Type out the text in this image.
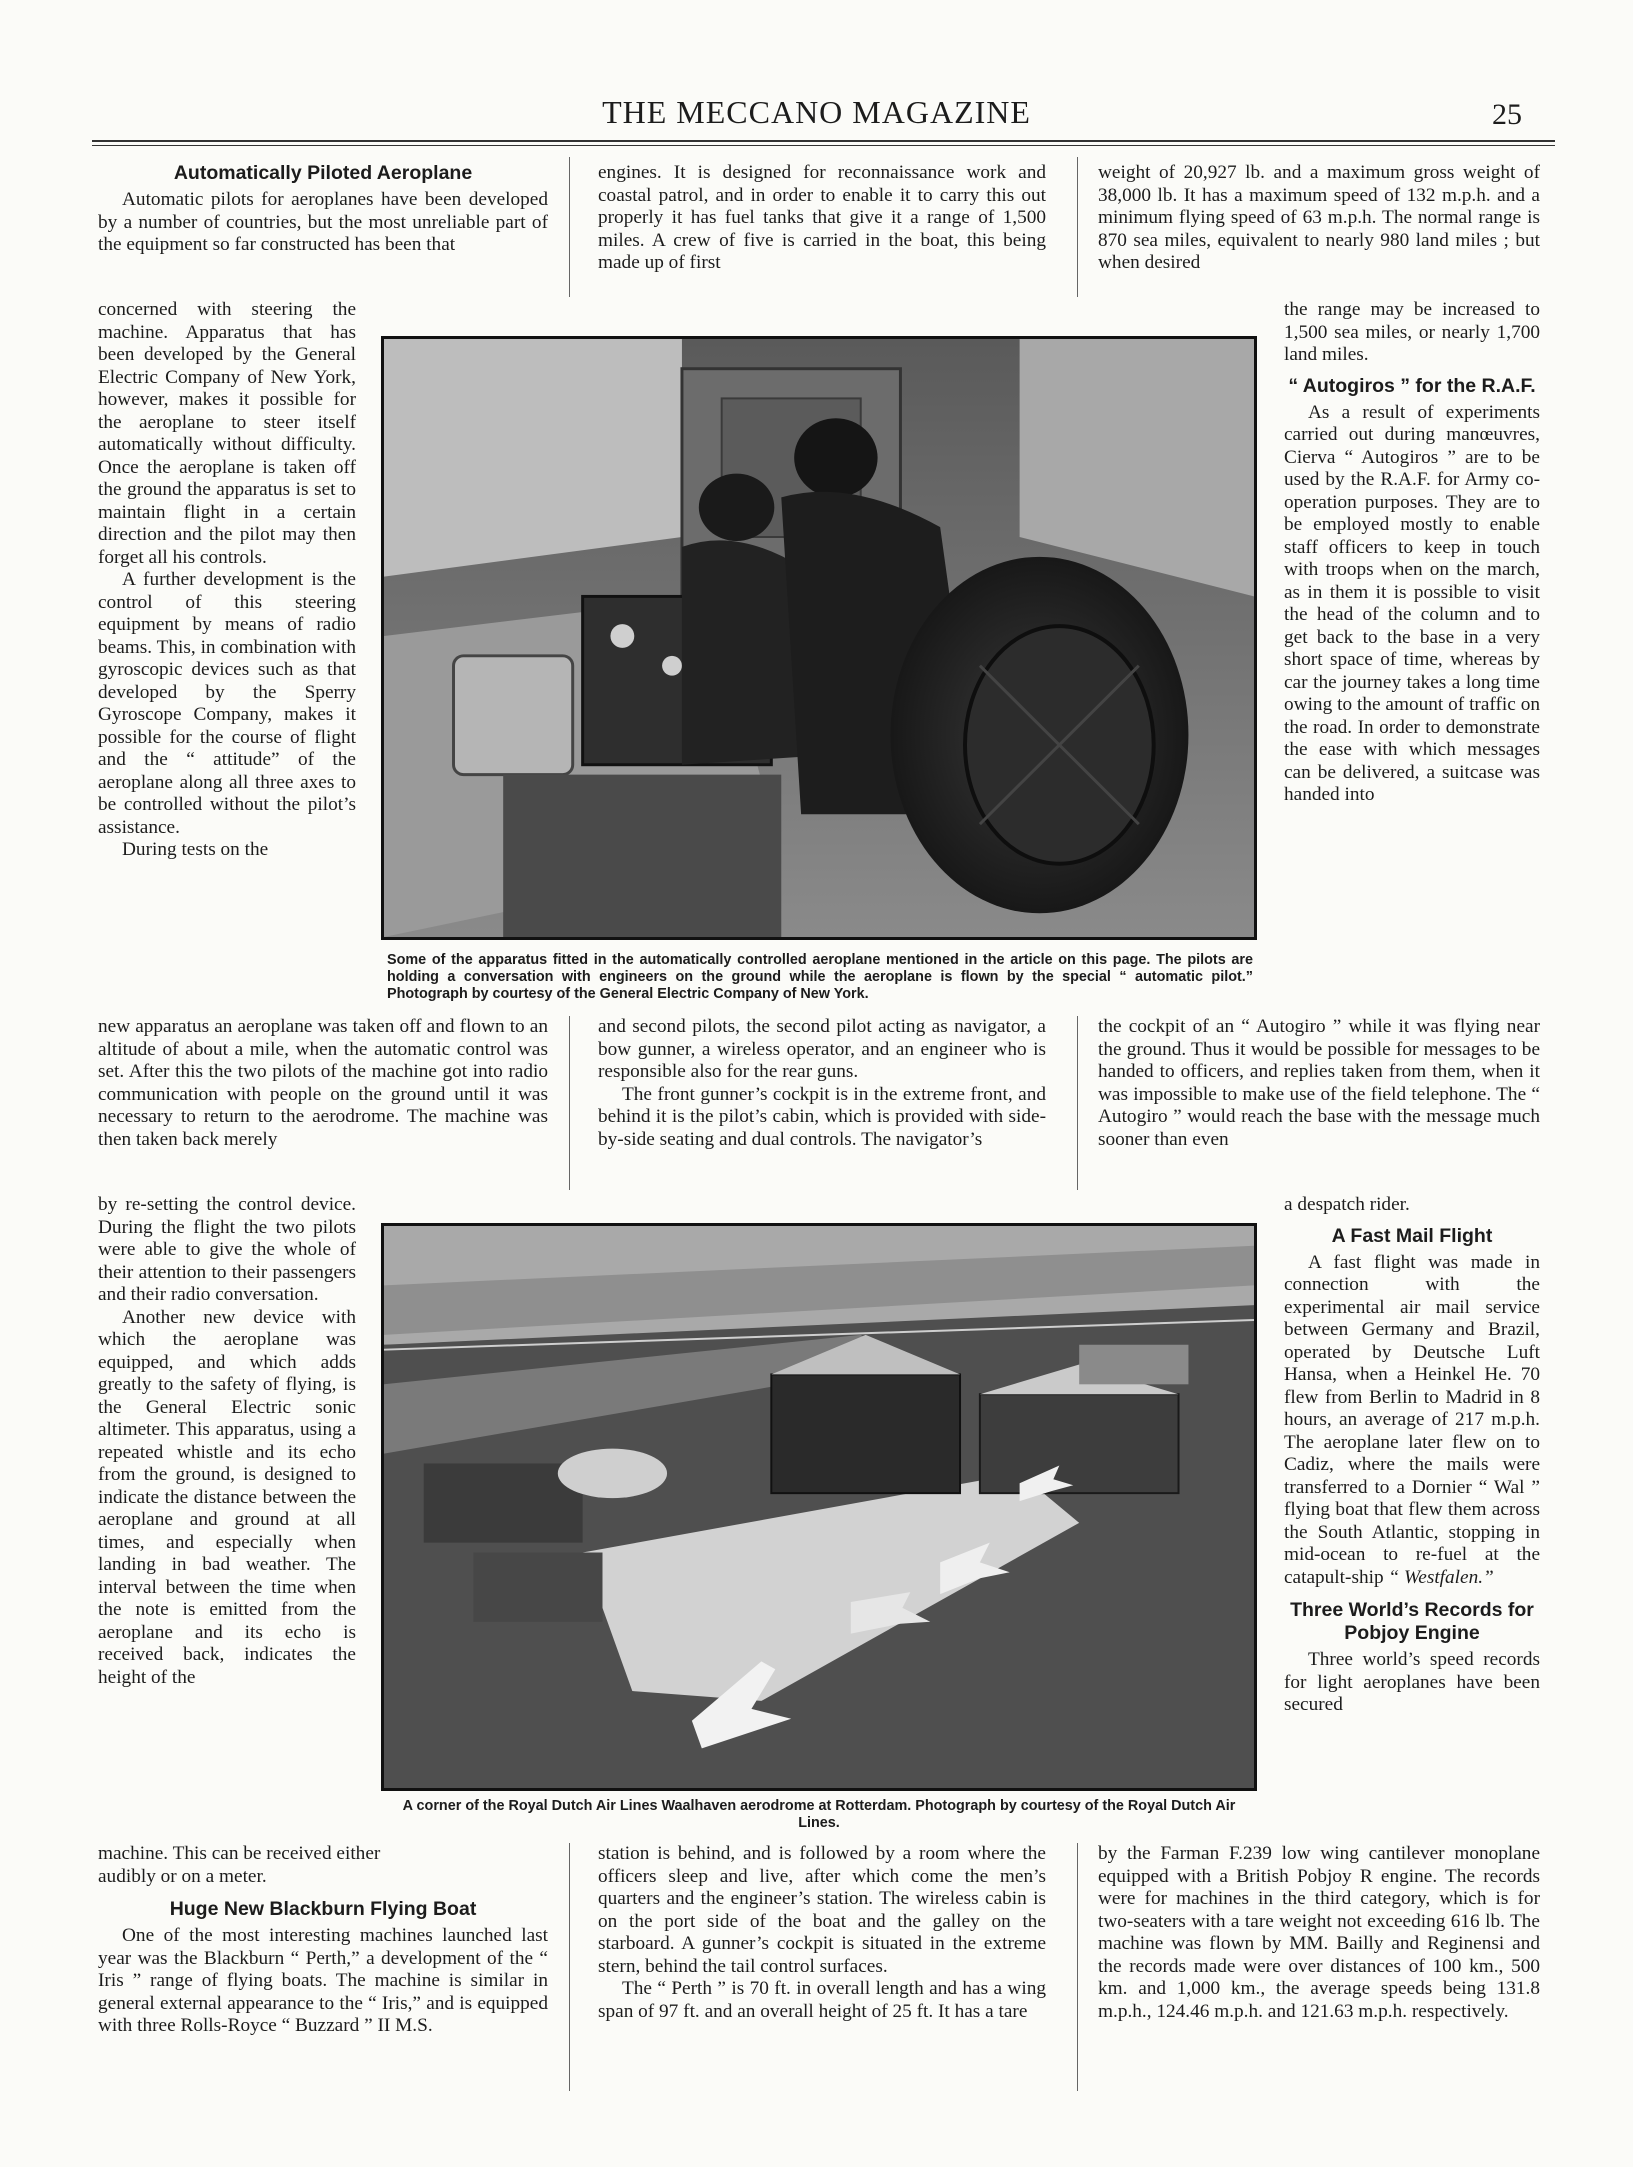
THE MECCANO MAGAZINE	25
Automatically Piloted Aeroplane

Automatic pilots for aeroplanes have been developed by a number of countries, but the most unreliable part of the equipment so far constructed has been that

concerned with steering the machine. Apparatus that has been developed by the General Electric Company of New York, however, makes it possible for the aeroplane to steer itself automatically without difficulty. Once the aeroplane is taken off the ground the apparatus is set to maintain flight in a certain direction and the pilot may then forget all his controls.

A further development is the control of this steering equipment by means of radio beams. This, in combination with gyroscopic devices such as that developed by the Sperry Gyroscope Company, makes it possible for the course of flight and the “ attitude” of the aeroplane along all three axes to be controlled without the pilot’s assistance.

During tests on the

new apparatus an aeroplane was taken off and flown to an altitude of about a mile, when the automatic control was set. After this the two pilots of the machine got into radio communication with people on the ground until it was necessary to return to the aerodrome. The machine was then taken back merely

by re-setting the control device. During the flight the two pilots were able to give the whole of their attention to their passengers and their radio conversation.

Another new device with which the aeroplane was equipped, and which adds greatly to the safety of flying, is the General Electric sonic altimeter. This apparatus, using a repeated whistle and its echo from the ground, is designed to indicate the distance between the aeroplane and ground at all times, and especially when landing in bad weather. The interval between the time when the note is emitted from the aeroplane and its echo is received back, indicates the height of the

machine. This can be received either

audibly or on a meter.

Huge New Blackburn Flying Boat

One of the most interesting machines launched last year was the Blackburn “ Perth,” a development of the “ Iris ” range of flying boats. The machine is similar in general external appearance to the “ Iris,” and is equipped with three Rolls-Royce “ Buzzard ” II M.S.

engines. It is designed for reconnaissance work and coastal patrol, and in order to enable it to carry this out properly it has fuel tanks that give it a range of 1,500 miles. A crew of five is carried in the boat, this being made up of first

and second pilots, the second pilot acting as navigator, a bow gunner, a wireless operator, and an engineer who is responsible also for the rear guns.

The front gunner’s cockpit is in the extreme front, and behind it is the pilot’s cabin, which is provided with side-by-side seating and dual controls. The navigator’s

station is behind, and is followed by a room where the officers sleep and live, after which come the men’s quarters and the engineer’s station. The wireless cabin is on the port side of the boat and the galley on the starboard. A gunner’s cockpit is situated in the extreme stern, behind the tail control surfaces.

The “ Perth ” is 70 ft. in overall length and has a wing span of 97 ft. and an overall height of 25 ft. It has a tare

weight of 20,927 lb. and a maximum gross weight of 38,000 lb. It has a maximum speed of 132 m.p.h. and a minimum flying speed of 63 m.p.h. The normal range is 870 sea miles, equivalent to nearly 980 land miles ; but when desired

the range may be increased to 1,500 sea miles, or nearly 1,700 land miles.

“ Autogiros ” for the R.A.F.

As a result of experiments carried out during manœuvres, Cierva “ Autogiros ” are to be used by the R.A.F. for Army co-operation purposes. They are to be employed mostly to enable staff officers to keep in touch with troops when on the march, as in them it is possible to visit the head of the column and to get back to the base in a very short space of time, whereas by car the journey takes a long time owing to the amount of traffic on the road. In order to demonstrate the ease with which messages can be delivered, a suitcase was handed into

the cockpit of an “ Autogiro ” while it was flying near the ground. Thus it would be possible for messages to be handed to officers, and replies taken from them, when it was impossible to make use of the field telephone. The “ Autogiro ” would reach the base with the message much sooner than even

a despatch rider.

A Fast Mail Flight

A fast flight was made in connection with the experimental air mail service between Germany and Brazil, operated by Deutsche Luft Hansa, when a Heinkel He. 70 flew from Berlin to Madrid in 8 hours, an average of 217 m.p.h. The aeroplane later flew on to Cadiz, where the mails were transferred to a Dornier “ Wal ” flying boat that flew them across the South Atlantic, stopping in mid-ocean to re-fuel at the catapult-ship “ Westfalen.”

Three World’s Records for Pobjoy Engine

Three world’s speed records for light aeroplanes have been secured

by the Farman F.239 low wing cantilever monoplane equipped with a British Pobjoy R engine. The records were for machines in the third category, which is for two-seaters with a tare weight not exceeding 616 lb. The machine was flown by MM. Bailly and Reginensi and the records made were over distances of 100 km., 500 km. and 1,000 km., the average speeds being 131.8 m.p.h., 124.46 m.p.h. and 121.63 m.p.h. respectively.

Some of the apparatus fitted in the automatically controlled aeroplane mentioned in the article on this page. The pilots are holding a conversation with engineers on the ground while the aeroplane is flown by the special “ automatic pilot.” Photograph by courtesy of the General Electric Company of New York.
A corner of the Royal Dutch Air Lines Waalhaven aerodrome at Rotterdam. Photograph by courtesy of the Royal Dutch Air Lines.
